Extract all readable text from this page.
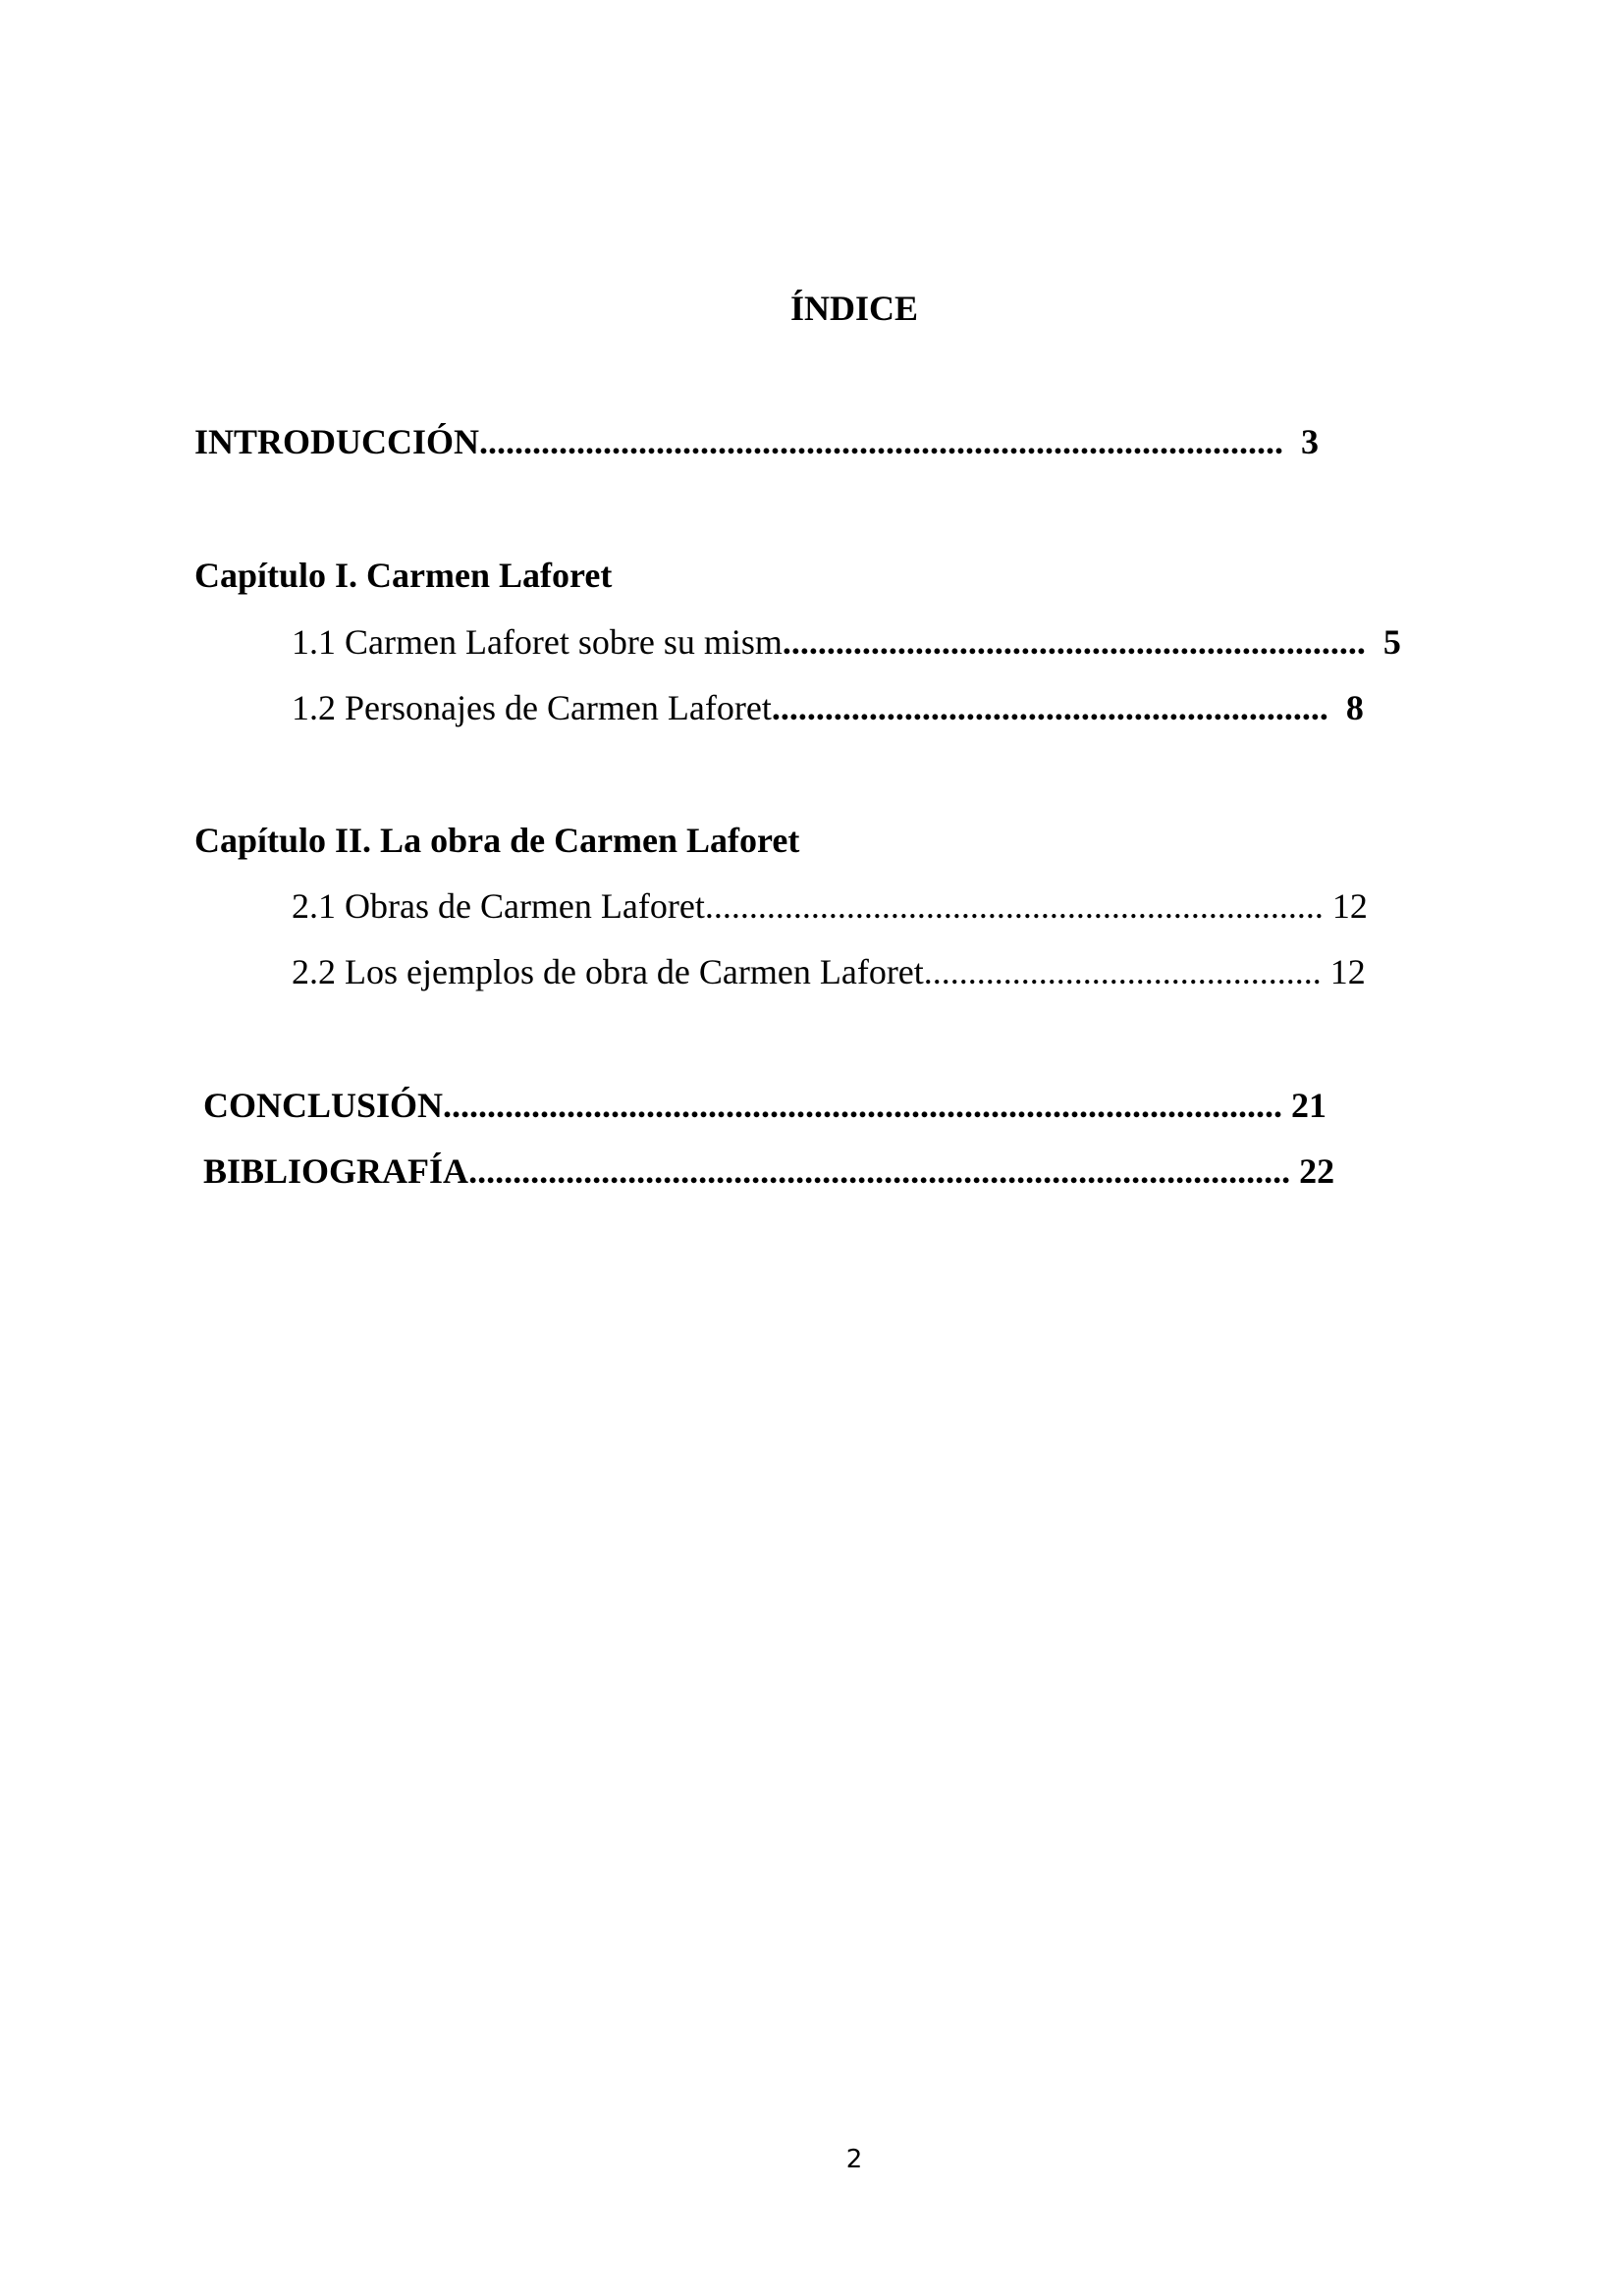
ÍNDICE
INTRODUCCIÓN........................................................................................... 3
Capítulo I. Carmen Laforet
1.1 Carmen Laforet sobre su mism.................................................................. 5
1.2 Personajes de Carmen Laforet............................................................... 8
Capítulo II. La obra de Carmen Laforet
2.1 Obras de Carmen Laforet...................................................................... 12
2.2 Los ejemplos de obra de Carmen Laforet............................................. 12
CONCLUSIÓN............................................................................................... 21
BIBLIOGRAFÍA............................................................................................. 22
2
